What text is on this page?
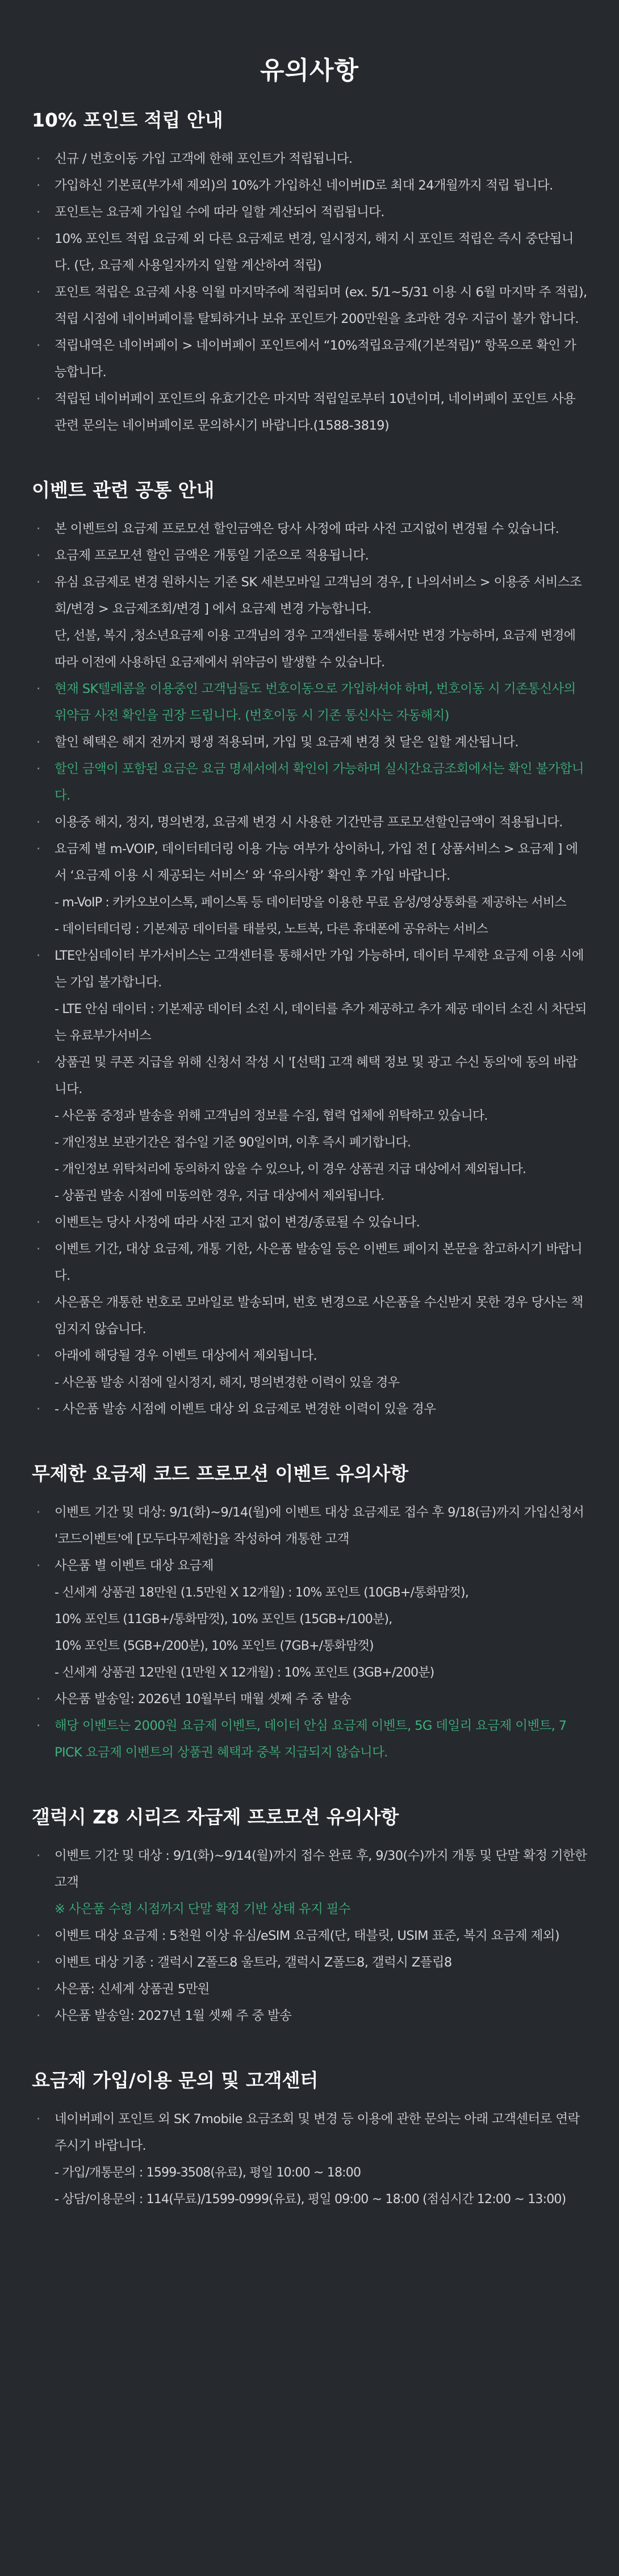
유의사항
10% 포인트 적립 안내
· 신규 / 번호이동 가입 고객에 한해 포인트가 적립됩니다.
· 가입하신 기본료(부가세 제외)의 10%가 가입하신 네이버ID로 최대 24개월까지 적립 됩니다.
· 포인트는 요금제 가입일 수에 따라 일할 계산되어 적립됩니다.
· 10% 포인트 적립 요금제 외 다른 요금제로 변경, 일시정지, 해지 시 포인트 적립은 즉시 중단됩니다. (단, 요금제 사용일자까지 일할 계산하여 적립)
· 포인트 적립은 요금제 사용 익월 마지막주에 적립되며 (ex. 5/1~5/31 이용 시 6월 마지막 주 적립), 적립 시점에 네이버페이를 탈퇴하거나 보유 포인트가 200만원을 초과한 경우 지급이 불가 합니다.
· 적립내역은 네이버페이 > 네이버페이 포인트에서 “10%적립요금제(기본적립)” 항목으로 확인 가능합니다.
· 적립된 네이버페이 포인트의 유효기간은 마지막 적립일로부터 10년이며, 네이버페이 포인트 사용 관련 문의는 네이버페이로 문의하시기 바랍니다.(1588-3819)
이벤트 관련 공통 안내
· 본 이벤트의 요금제 프로모션 할인금액은 당사 사정에 따라 사전 고지없이 변경될 수 있습니다.
· 요금제 프로모션 할인 금액은 개통일 기준으로 적용됩니다.
· 유심 요금제로 변경 원하시는 기존 SK 세븐모바일 고객님의 경우, [ 나의서비스 > 이용중 서비스조회/변경 > 요금제조회/변경 ] 에서 요금제 변경 가능합니다.
단, 선불, 복지 ,청소년요금제 이용 고객님의 경우 고객센터를 통해서만 변경 가능하며, 요금제 변경에 따라 이전에 사용하던 요금제에서 위약금이 발생할 수 있습니다.
· 현재 SK텔레콤을 이용중인 고객님들도 번호이동으로 가입하셔야 하며, 번호이동 시 기존통신사의 위약금 사전 확인을 권장 드립니다. (번호이동 시 기존 통신사는 자동해지)
· 할인 혜택은 해지 전까지 평생 적용되며, 가입 및 요금제 변경 첫 달은 일할 계산됩니다.
· 할인 금액이 포함된 요금은 요금 명세서에서 확인이 가능하며 실시간요금조회에서는 확인 불가합니다.
· 이용중 해지, 정지, 명의변경, 요금제 변경 시 사용한 기간만큼 프로모션할인금액이 적용됩니다.
· 요금제 별 m-VOIP, 데이터테더링 이용 가능 여부가 상이하니, 가입 전 [ 상품서비스 > 요금제 ] 에서 ‘요금제 이용 시 제공되는 서비스’ 와 ‘유의사항’ 확인 후 가입 바랍니다.
- m-VoIP : 카카오보이스톡, 페이스톡 등 데이터망을 이용한 무료 음성/영상통화를 제공하는 서비스
- 데이터테더링 : 기본제공 데이터를 태블릿, 노트북, 다른 휴대폰에 공유하는 서비스
· LTE안심데이터 부가서비스는 고객센터를 통해서만 가입 가능하며, 데이터 무제한 요금제 이용 시에는 가입 불가합니다.
- LTE 안심 데이터 : 기본제공 데이터 소진 시, 데이터를 추가 제공하고 추가 제공 데이터 소진 시 차단되는 유료부가서비스
· 상품권 및 쿠폰 지급을 위해 신청서 작성 시 '[선택] 고객 혜택 정보 및 광고 수신 동의'에 동의 바랍니다.
- 사은품 증정과 발송을 위해 고객님의 정보를 수집, 협력 업체에 위탁하고 있습니다.
- 개인정보 보관기간은 접수일 기준 90일이며, 이후 즉시 폐기합니다.
- 개인정보 위탁처리에 동의하지 않을 수 있으나, 이 경우 상품권 지급 대상에서 제외됩니다.
- 상품권 발송 시점에 미동의한 경우, 지급 대상에서 제외됩니다.
· 이벤트는 당사 사정에 따라 사전 고지 없이 변경/종료될 수 있습니다.
· 이벤트 기간, 대상 요금제, 개통 기한, 사은품 발송일 등은 이벤트 페이지 본문을 참고하시기 바랍니다.
· 사은품은 개통한 번호로 모바일로 발송되며, 번호 변경으로 사은품을 수신받지 못한 경우 당사는 책임지지 않습니다.
· 아래에 해당될 경우 이벤트 대상에서 제외됩니다.
- 사은품 발송 시점에 일시정지, 해지, 명의변경한 이력이 있을 경우
· - 사은품 발송 시점에 이벤트 대상 외 요금제로 변경한 이력이 있을 경우
무제한 요금제 코드 프로모션 이벤트 유의사항
· 이벤트 기간 및 대상: 9/1(화)~9/14(월)에 이벤트 대상 요금제로 접수 후 9/18(금)까지 가입신청서 '코드이벤트'에 [모두다무제한]을 작성하여 개통한 고객
· 사은품 별 이벤트 대상 요금제
- 신세계 상품권 18만원 (1.5만원 X 12개월) : 10% 포인트 (10GB+/통화맘껏),
10% 포인트 (11GB+/통화맘껏), 10% 포인트 (15GB+/100분),
10% 포인트 (5GB+/200분), 10% 포인트 (7GB+/통화맘껏)
- 신세계 상품권 12만원 (1만원 X 12개월) : 10% 포인트 (3GB+/200분)
· 사은품 발송일: 2026년 10월부터 매월 셋째 주 중 발송
· 해당 이벤트는 2000원 요금제 이벤트, 데이터 안심 요금제 이벤트, 5G 데일리 요금제 이벤트, 7 PICK 요금제 이벤트의 상품권 혜택과 중복 지급되지 않습니다.
갤럭시 Z8 시리즈 자급제 프로모션 유의사항
· 이벤트 기간 및 대상 : 9/1(화)~9/14(월)까지 접수 완료 후, 9/30(수)까지 개통 및 단말 확정 기한한 고객
※ 사은품 수령 시점까지 단말 확정 기반 상태 유지 필수
· 이벤트 대상 요금제 : 5천원 이상 유심/eSIM 요금제(단, 태블릿, USIM 표준, 복지 요금제 제외)
· 이벤트 대상 기종 : 갤럭시 Z폴드8 울트라, 갤럭시 Z폴드8, 갤럭시 Z플립8
· 사은품: 신세계 상품권 5만원
· 사은품 발송일: 2027년 1월 셋째 주 중 발송
요금제 가입/이용 문의 및 고객센터
· 네이버페이 포인트 외 SK 7mobile 요금조회 및 변경 등 이용에 관한 문의는 아래 고객센터로 연락 주시기 바랍니다.
- 가입/개통문의 : 1599-3508(유료), 평일 10:00 ~ 18:00
- 상담/이용문의 : 114(무료)/1599-0999(유료), 평일 09:00 ~ 18:00 (점심시간 12:00 ~ 13:00)
